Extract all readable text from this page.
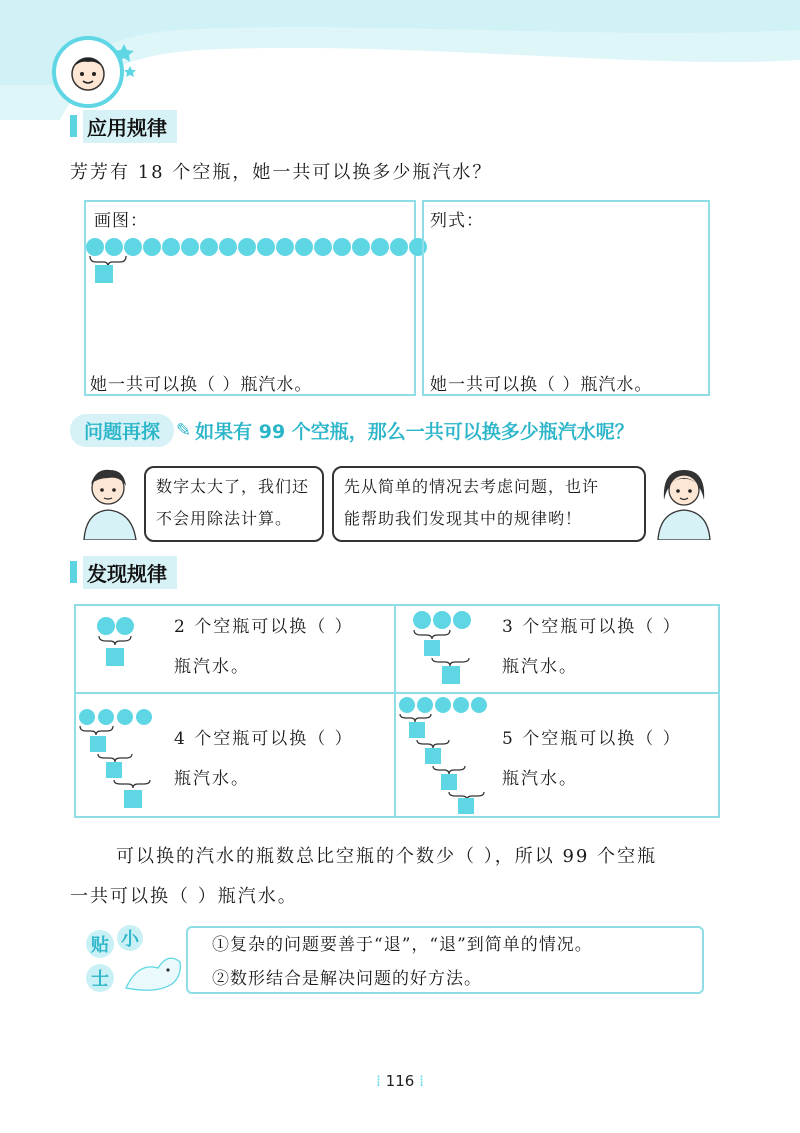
应用规律
芳芳有 18 个空瓶，她一共可以换多少瓶汽水？
画图：
她一共可以换（ ）瓶汽水。
列式：
她一共可以换（ ）瓶汽水。
问题再探 ✎ 如果有 99 个空瓶，那么一共可以换多少瓶汽水呢？
数字太大了，我们还
不会用除法计算。
先从简单的情况去考虑问题，也许
能帮助我们发现其中的规律哟！
发现规律
2 个空瓶可以换（ ）
瓶汽水。
3 个空瓶可以换（ ）
瓶汽水。
4 个空瓶可以换（ ）
瓶汽水。
5 个空瓶可以换（ ）
瓶汽水。
可以换的汽水的瓶数总比空瓶的个数少（ ），所以 99 个空瓶
一共可以换（ ）瓶汽水。
贴 小
士
①复杂的问题要善于“退”，“退”到简单的情况。
②数形结合是解决问题的好方法。
⁞ 116 ⁞
